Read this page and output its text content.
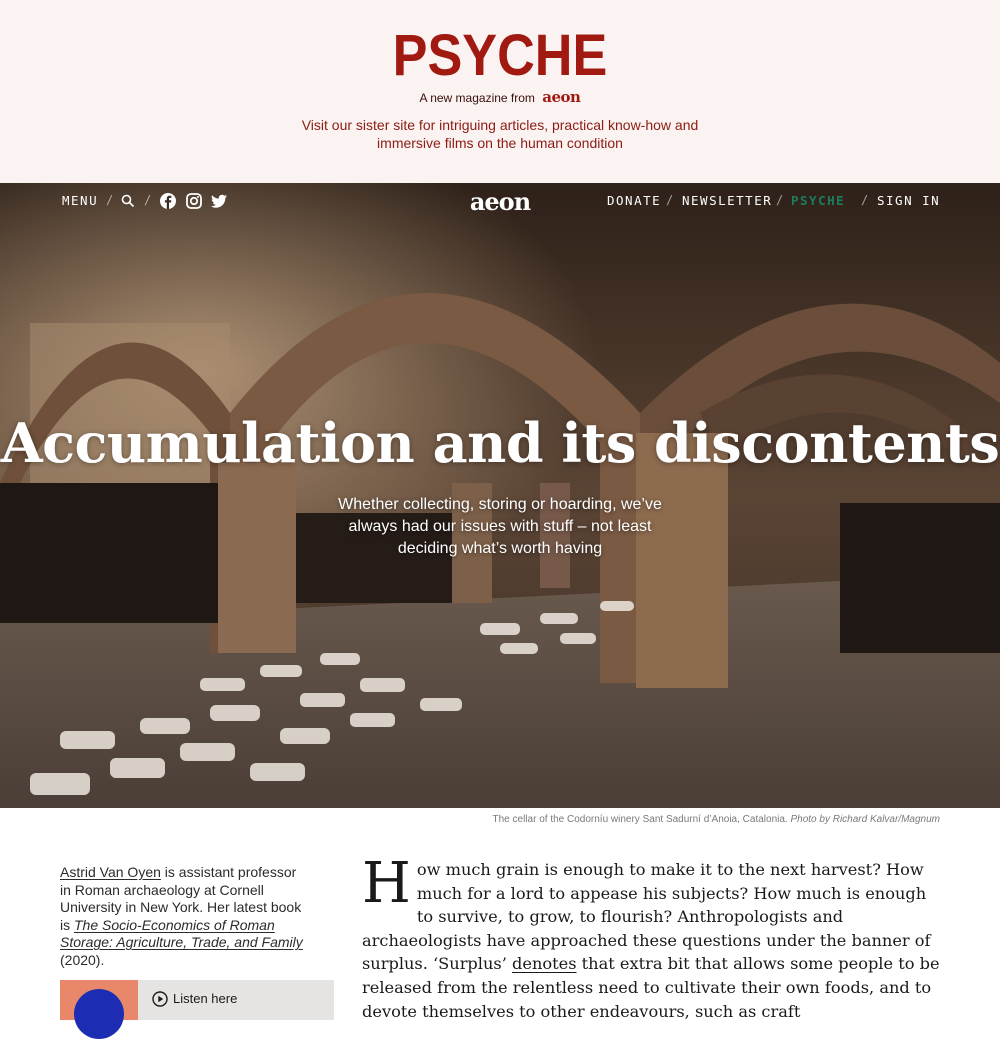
PSYCHE
A new magazine from aeon
Visit our sister site for intriguing articles, practical know-how and immersive films on the human condition
MENU /	/	aeon	DONATE / NEWSLETTER / PSYCHE / SIGN IN
Accumulation and its discontents

Whether collecting, storing or hoarding, we’ve always had our issues with stuff – not least deciding what’s worth having

The cellar of the Codorníu winery Sant Sadurní d’Anoia, Catalonia. Photo by Richard Kalvar/Magnum
Astrid Van Oyen is assistant professor in Roman archaeology at Cornell University in New York. Her latest book is The Socio-Economics of Roman Storage: Agriculture, Trade, and Family (2020).
Listen here
How much grain is enough to make it to the next harvest? How much for a lord to appease his subjects? How much is enough to survive, to grow, to flourish? Anthropologists and archaeologists have approached these questions under the banner of surplus. ‘Surplus’ denotes that extra bit that allows some people to be released from the relentless need to cultivate their own foods, and to devote themselves to other endeavours, such as craft
